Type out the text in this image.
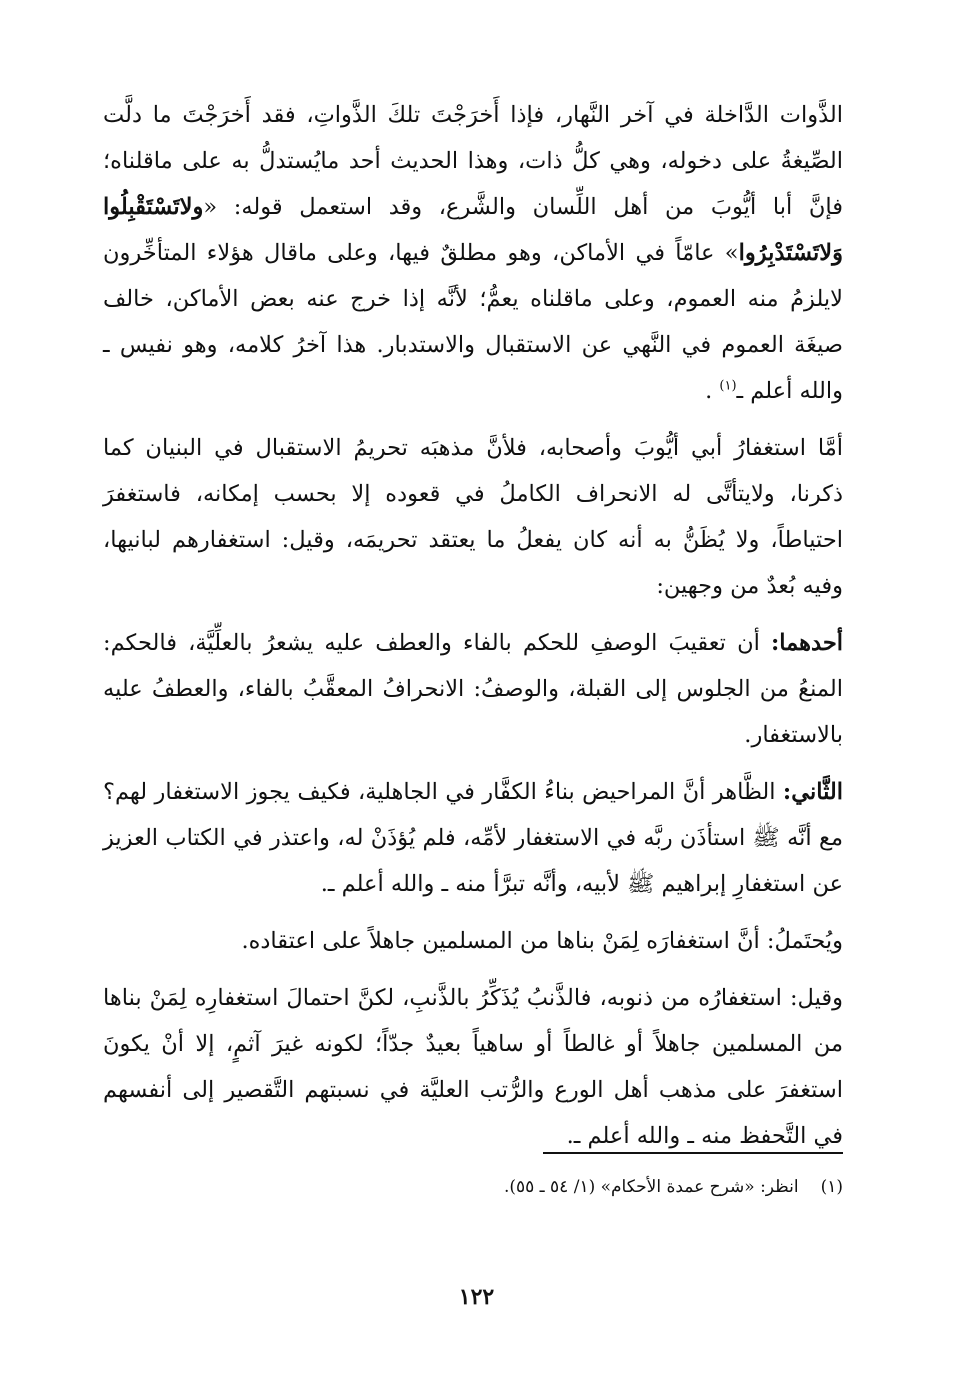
الذَّوات الدَّاخلة في آخر النَّهار، فإذا أَخرَجْتَ تلكَ الذَّواتِ، فقد أَخرَجْتَ ما دلَّت الصِّيغةُ على دخوله، وهي كلُّ ذات، وهذا الحديث أحد مايُستدلُّ به على ماقلناه؛ فإنَّ أبا أيُّوبَ من أهل اللِّسان والشَّرع، وقد استعمل قوله: «ولاتَسْتَقْبِلُوا وَلاتَسْتَدْبِرُوا» عامّاً في الأماكن، وهو مطلقٌ فيها، وعلى ماقال هؤلاء المتأخِّرون لايلزمُ منه العموم، وعلى ماقلناه يعمُّ؛ لأنَّه إذا خرج عنه بعض الأماكن، خالف صيغَة العموم في النَّهي عن الاستقبال والاستدبار. هذا آخرُ كلامه، وهو نفيس ـ والله أعلم ـ$^{(١)}$ .

أمَّا استغفارُ أبي أيُّوبَ وأصحابه، فلأنَّ مذهبَه تحريمُ الاستقبال في البنيان كما ذكرنا، ولايتأتَّى له الانحراف الكاملُ في قعوده إلا بحسب إمكانه، فاستغفرَ احتياطاً، ولا يُظَنُّ به أنه كان يفعلُ ما يعتقد تحريمَه، وقيل: استغفارهم لبانيها، وفيه بُعدٌ من وجهين:

أحدهما: أن تعقيبَ الوصفِ للحكم بالفاء والعطف عليه يشعرُ بالعلِّيَّة، فالحكم: المنعُ من الجلوس إلى القبلة، والوصفُ: الانحرافُ المعقَّبُ بالفاء، والعطفُ عليه بالاستغفار.

الثَّاني: الظَّاهر أنَّ المراحيض بناءُ الكفَّار في الجاهلية، فكيف يجوز الاستغفار لهم؟ مع أنَّه ﷺ استأذَن ربَّه في الاستغفار لأمِّه، فلم يُؤذَنْ له، واعتذر في الكتاب العزيز عن استغفارِ إبراهيم ﷺ لأبيه، وأنَّه تبرَّأ منه ـ والله أعلم ـ.

ويُحتَملُ: أنَّ استغفارَه لِمَنْ بناها من المسلمين جاهلاً على اعتقاده.

وقيل: استغفارُه من ذنوبه، فالذَّنبُ يُذَكِّرُ بالذَّنبِ، لكنَّ احتمالَ استغفارِه لِمَنْ بناها من المسلمين جاهلاً أو غالطاً أو ساهياً بعيدٌ جدّاً؛ لكونه غيرَ آثمٍ، إلا أنْ يكونَ استغفرَ على مذهب أهل الورع والرُّتب العليَّة في نسبتهم التَّقصير إلى أنفسهم في التَّحفظ منه ـ والله أعلم ـ.

(١)انظر: «شرح عمدة الأحكام» (١/ ٥٤ ـ ٥٥).

١٢٢
